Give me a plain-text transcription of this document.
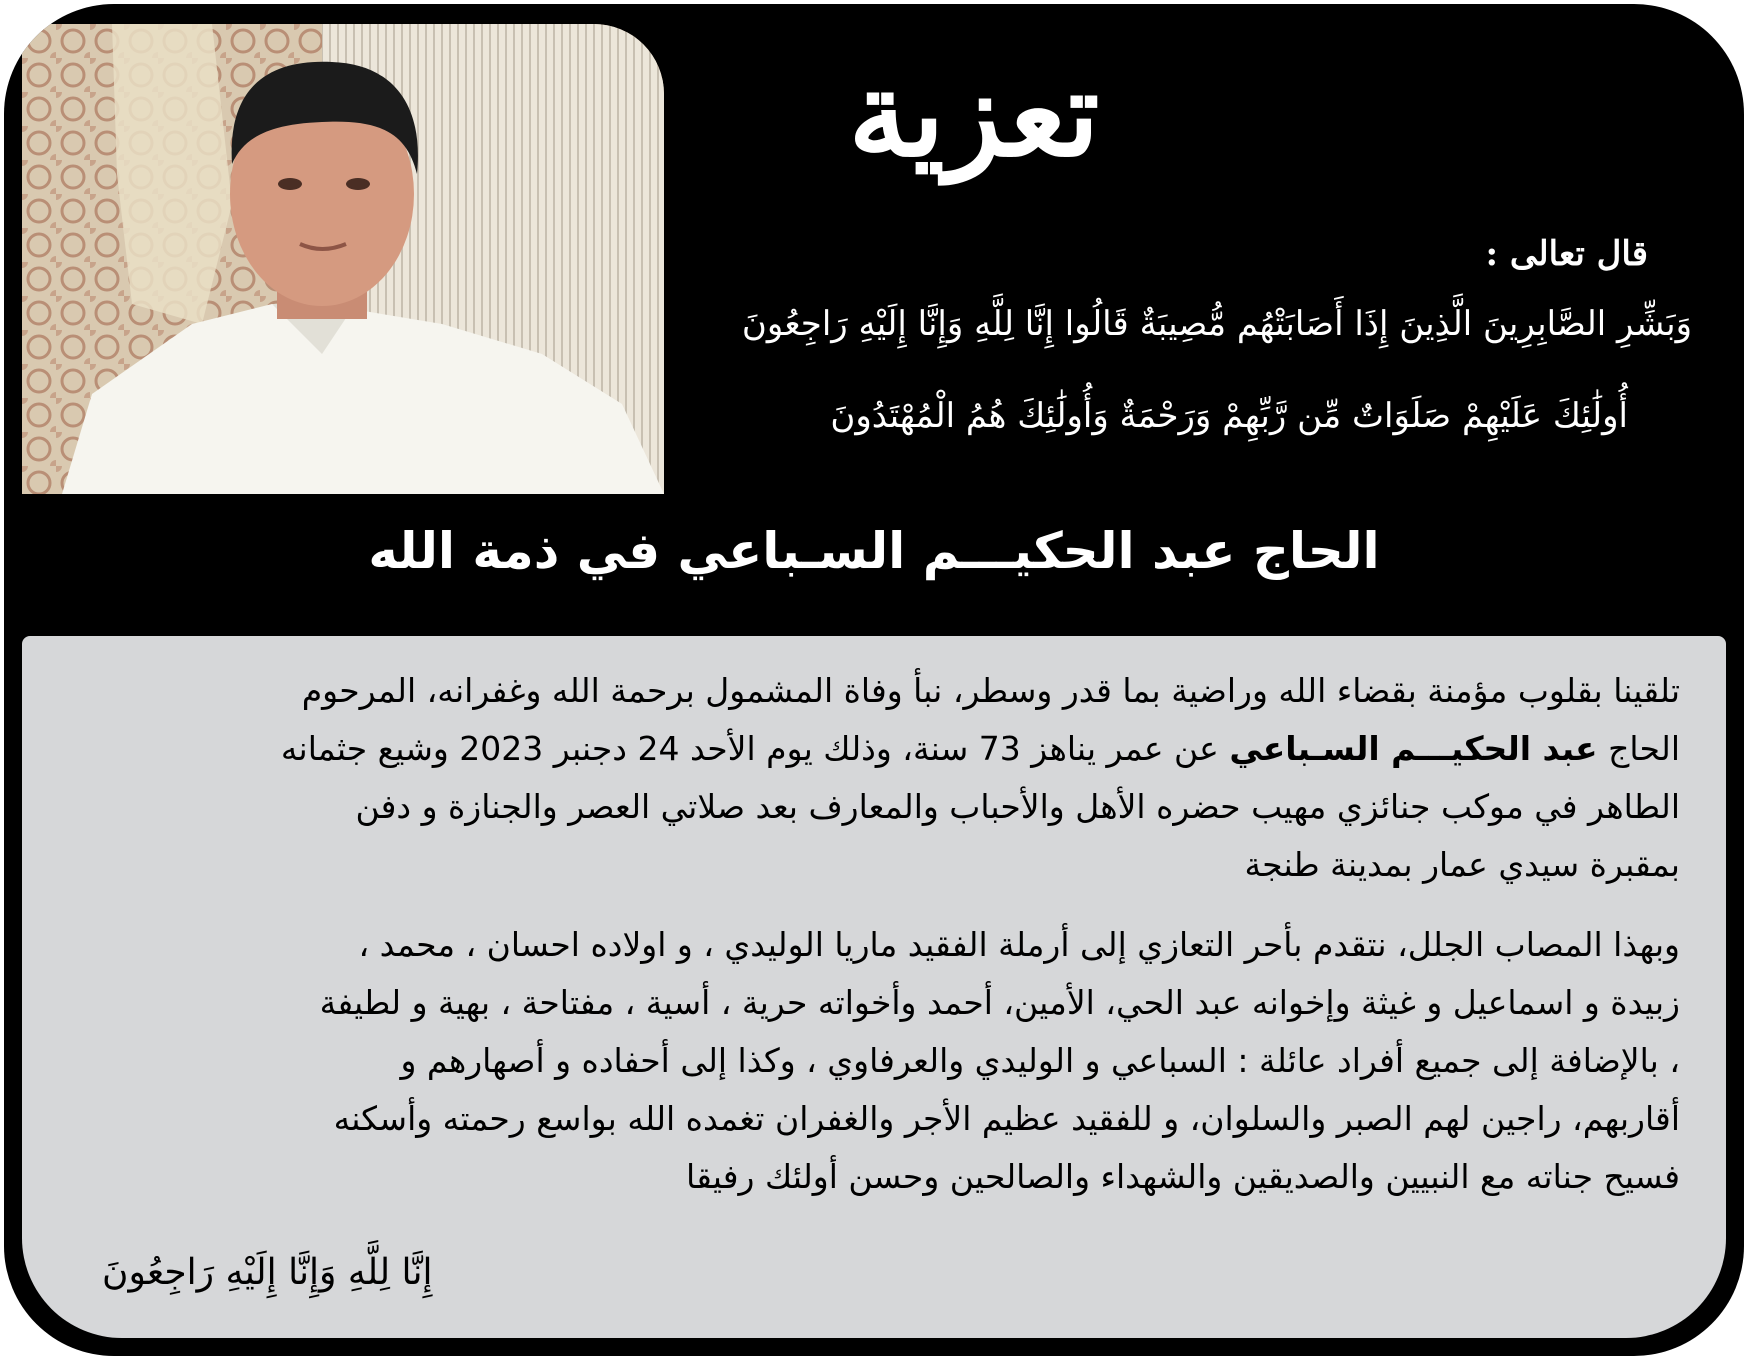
تعزية
قال تعالى :
وَبَشِّرِ الصَّابِرِينَ الَّذِينَ إِذَا أَصَابَتْهُم مُّصِيبَةٌ قَالُوا إِنَّا لِلَّهِ وَإِنَّا إِلَيْهِ رَاجِعُونَ
أُولَٰئِكَ عَلَيْهِمْ صَلَوَاتٌ مِّن رَّبِّهِمْ وَرَحْمَةٌ وَأُولَٰئِكَ هُمُ الْمُهْتَدُونَ
الحاج عبد الحكيـــم السـباعي في ذمة الله
تلقينا بقلوب مؤمنة بقضاء الله وراضية بما قدر وسطر، نبأ وفاة المشمول برحمة الله وغفرانه، المرحوم
الحاج عبد الحكيـــم السـباعي عن عمر يناهز 73 سنة، وذلك يوم الأحد 24 دجنبر 2023 وشيع جثمانه
الطاهر في موكب جنائزي مهيب حضره الأهل والأحباب والمعارف بعد صلاتي العصر والجنازة و دفن
بمقبرة سيدي عمار بمدينة طنجة
وبهذا المصاب الجلل، نتقدم بأحر التعازي إلى أرملة الفقيد ماريا الوليدي ، و اولاده احسان ، محمد ،
زبيدة و اسماعيل و غيثة وإخوانه عبد الحي، الأمين، أحمد وأخواته حرية ، أسية ، مفتاحة ، بهية و لطيفة
، بالإضافة إلى جميع أفراد عائلة : السباعي و الوليدي والعرفاوي ، وكذا إلى أحفاده و أصهارهم و
أقاربهم، راجين لهم الصبر والسلوان، و للفقيد عظيم الأجر والغفران تغمده الله بواسع رحمته وأسكنه
فسيح جناته مع النبيين والصديقين والشهداء والصالحين وحسن أولئك رفيقا
إِنَّا لِلَّهِ وَإِنَّا إِلَيْهِ رَاجِعُونَ
